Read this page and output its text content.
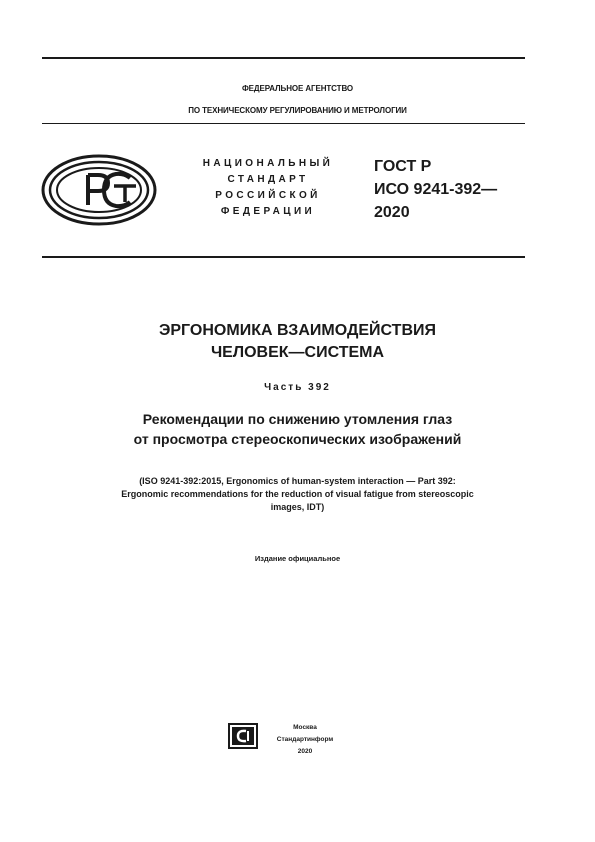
ФЕДЕРАЛЬНОЕ АГЕНТСТВО
ПО ТЕХНИЧЕСКОМУ РЕГУЛИРОВАНИЮ И МЕТРОЛОГИИ
НАЦИОНАЛЬНЫЙ
СТАНДАРТ
РОССИЙСКОЙ
ФЕДЕРАЦИИ
ГОСТ Р
ИСО 9241-392—
2020
ЭРГОНОМИКА ВЗАИМОДЕЙСТВИЯ
ЧЕЛОВЕК—СИСТЕМА
Часть 392
Рекомендации по снижению утомления глаз
от просмотра стереоскопических изображений
(ISO 9241-392:2015, Ergonomics of human-system interaction — Part 392:
Ergonomic recommendations for the reduction of visual fatigue from stereoscopic
images, IDT)
Издание официальное
Москва
Стандартинформ
2020
